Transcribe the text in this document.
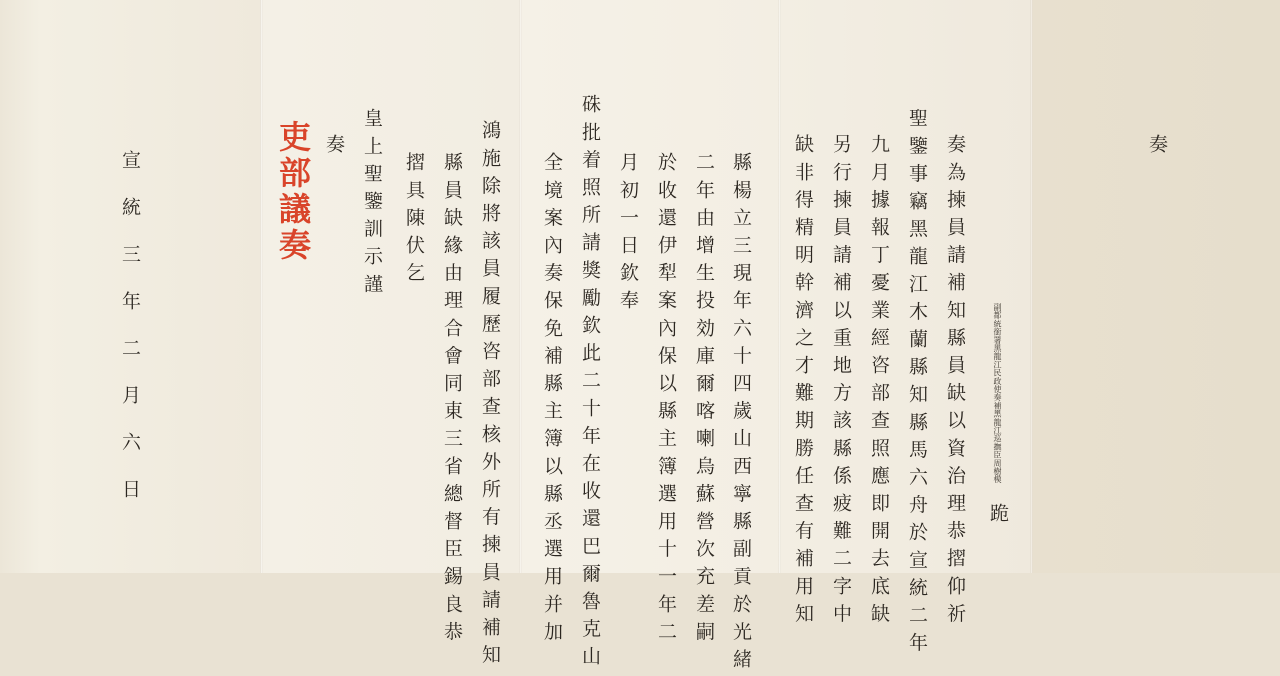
奏
副都統銜署黑龍江民政使奏補黑龍江巡撫臣周樹模
跪
奏為揀員請補知縣員缺以資治理恭摺仰祈
聖鑒事竊黑龍江木蘭縣知縣馬六舟於宣統二年
九月據報丁憂業經咨部查照應即開去底缺
另行揀員請補以重地方該縣係疲難二字中
缺非得精明幹濟之才難期勝任查有補用知
縣楊立三現年六十四歲山西寧縣副貢於光緒
二年由增生投効庫爾喀喇烏蘇營次充差嗣
於收還伊犁案內保以縣主簿選用十一年二
月初一日欽奉
硃批着照所請獎勵欽此二十年在收還巴爾魯克山
全境案內奏保免補縣主簿以縣丞選用并加
鴻施除將該員履歷咨部查核外所有揀員請補知
縣員缺緣由理合會同東三省總督臣錫良恭
摺具陳伏乞
皇上聖鑒訓示謹
奏
吏部議奏
宣統三年二月六日
